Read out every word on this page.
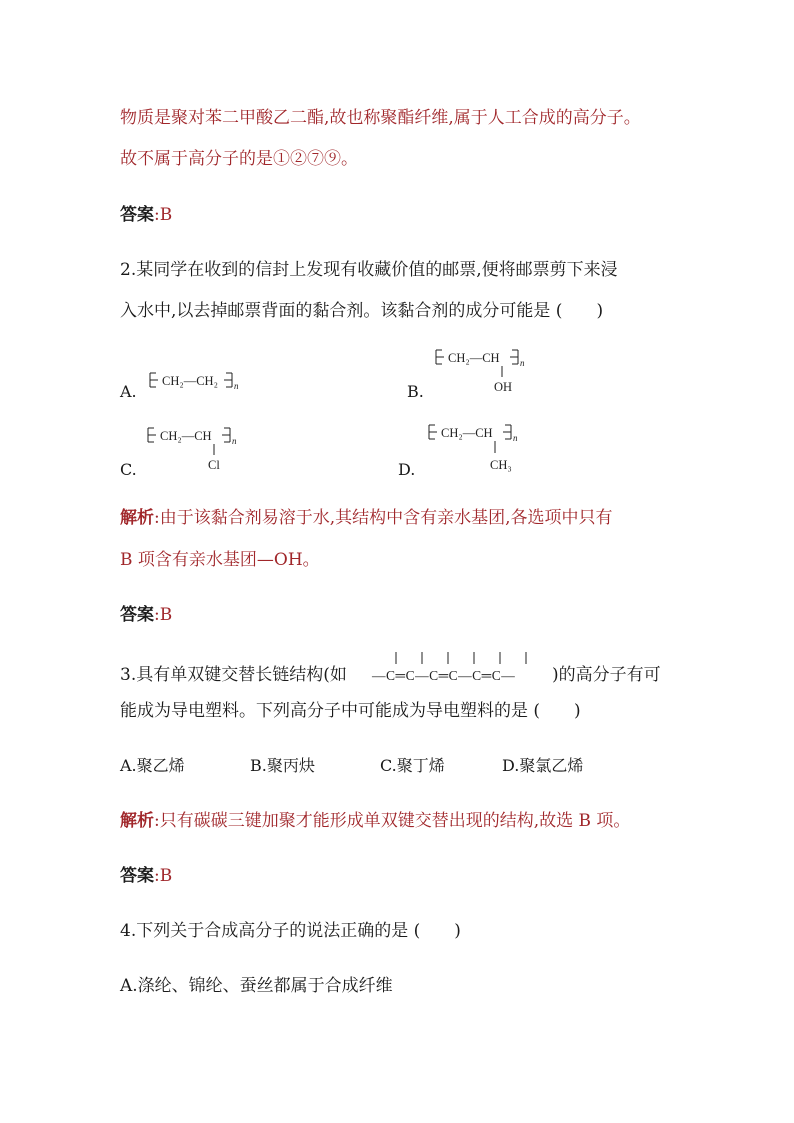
物质是聚对苯二甲酸乙二酯,故也称聚酯纤维,属于人工合成的高分子。
故不属于高分子的是①②⑦⑨。
答案:B
2.某同学在收到的信封上发现有收藏价值的邮票,便将邮票剪下来浸
入水中,以去掉邮票背面的黏合剂。该黏合剂的成分可能是 (　　)
A.
CH₂—CH₂ n	B.
CH₂—CH n
OH
C.
CH₂—CH n
Cl	D.
CH₂—CH n
CH₃
解析:由于该黏合剂易溶于水,其结构中含有亲水基团,各选项中只有
B 项含有亲水基团—OH。
答案:B
3.具有单双键交替长链结构(如 —C═C—C═C—C═C— )的高分子有可
能成为导电塑料。下列高分子中可能成为导电塑料的是 (　　)
A.聚乙烯	B.聚丙炔	C.聚丁烯	D.聚氯乙烯
解析:只有碳碳三键加聚才能形成单双键交替出现的结构,故选 B 项。
答案:B
4.下列关于合成高分子的说法正确的是 (　　)
A.涤纶、锦纶、蚕丝都属于合成纤维
